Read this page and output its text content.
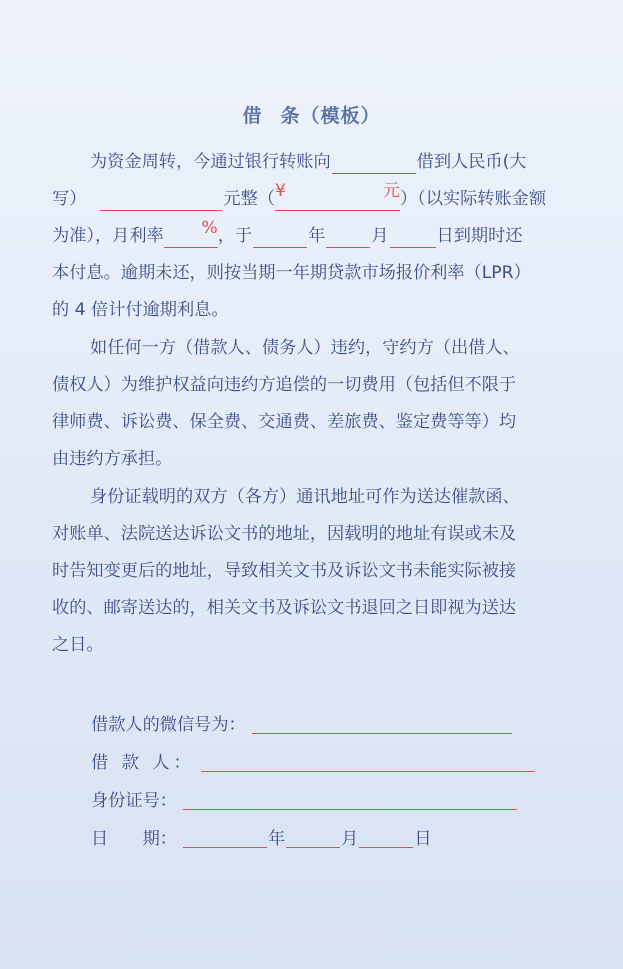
借 条（模板）
为资金周转，今通过银行转账向	借到人民币(大
写）	元整（ ¥	元 ）（以实际转账金额
为准），月利率 % ，于	年	月	日到期时还
本付息。逾期未还，则按当期一年期贷款市场报价利率（LPR）
的 4 倍计付逾期利息。
如任何一方（借款人、债务人）违约，守约方（出借人、
债权人）为维护权益向违约方追偿的一切费用（包括但不限于
律师费、诉讼费、保全费、交通费、差旅费、鉴定费等等）均
由违约方承担。
身份证载明的双方（各方）通讯地址可作为送达催款函、
对账单、法院送达诉讼文书的地址，因载明的地址有误或未及
时告知变更后的地址，导致相关文书及诉讼文书未能实际被接
收的、邮寄送达的，相关文书及诉讼文书退回之日即视为送达
之日。
借款人的微信号为：
借 款 人：
身份证号：
日　　期：	年	月	日
